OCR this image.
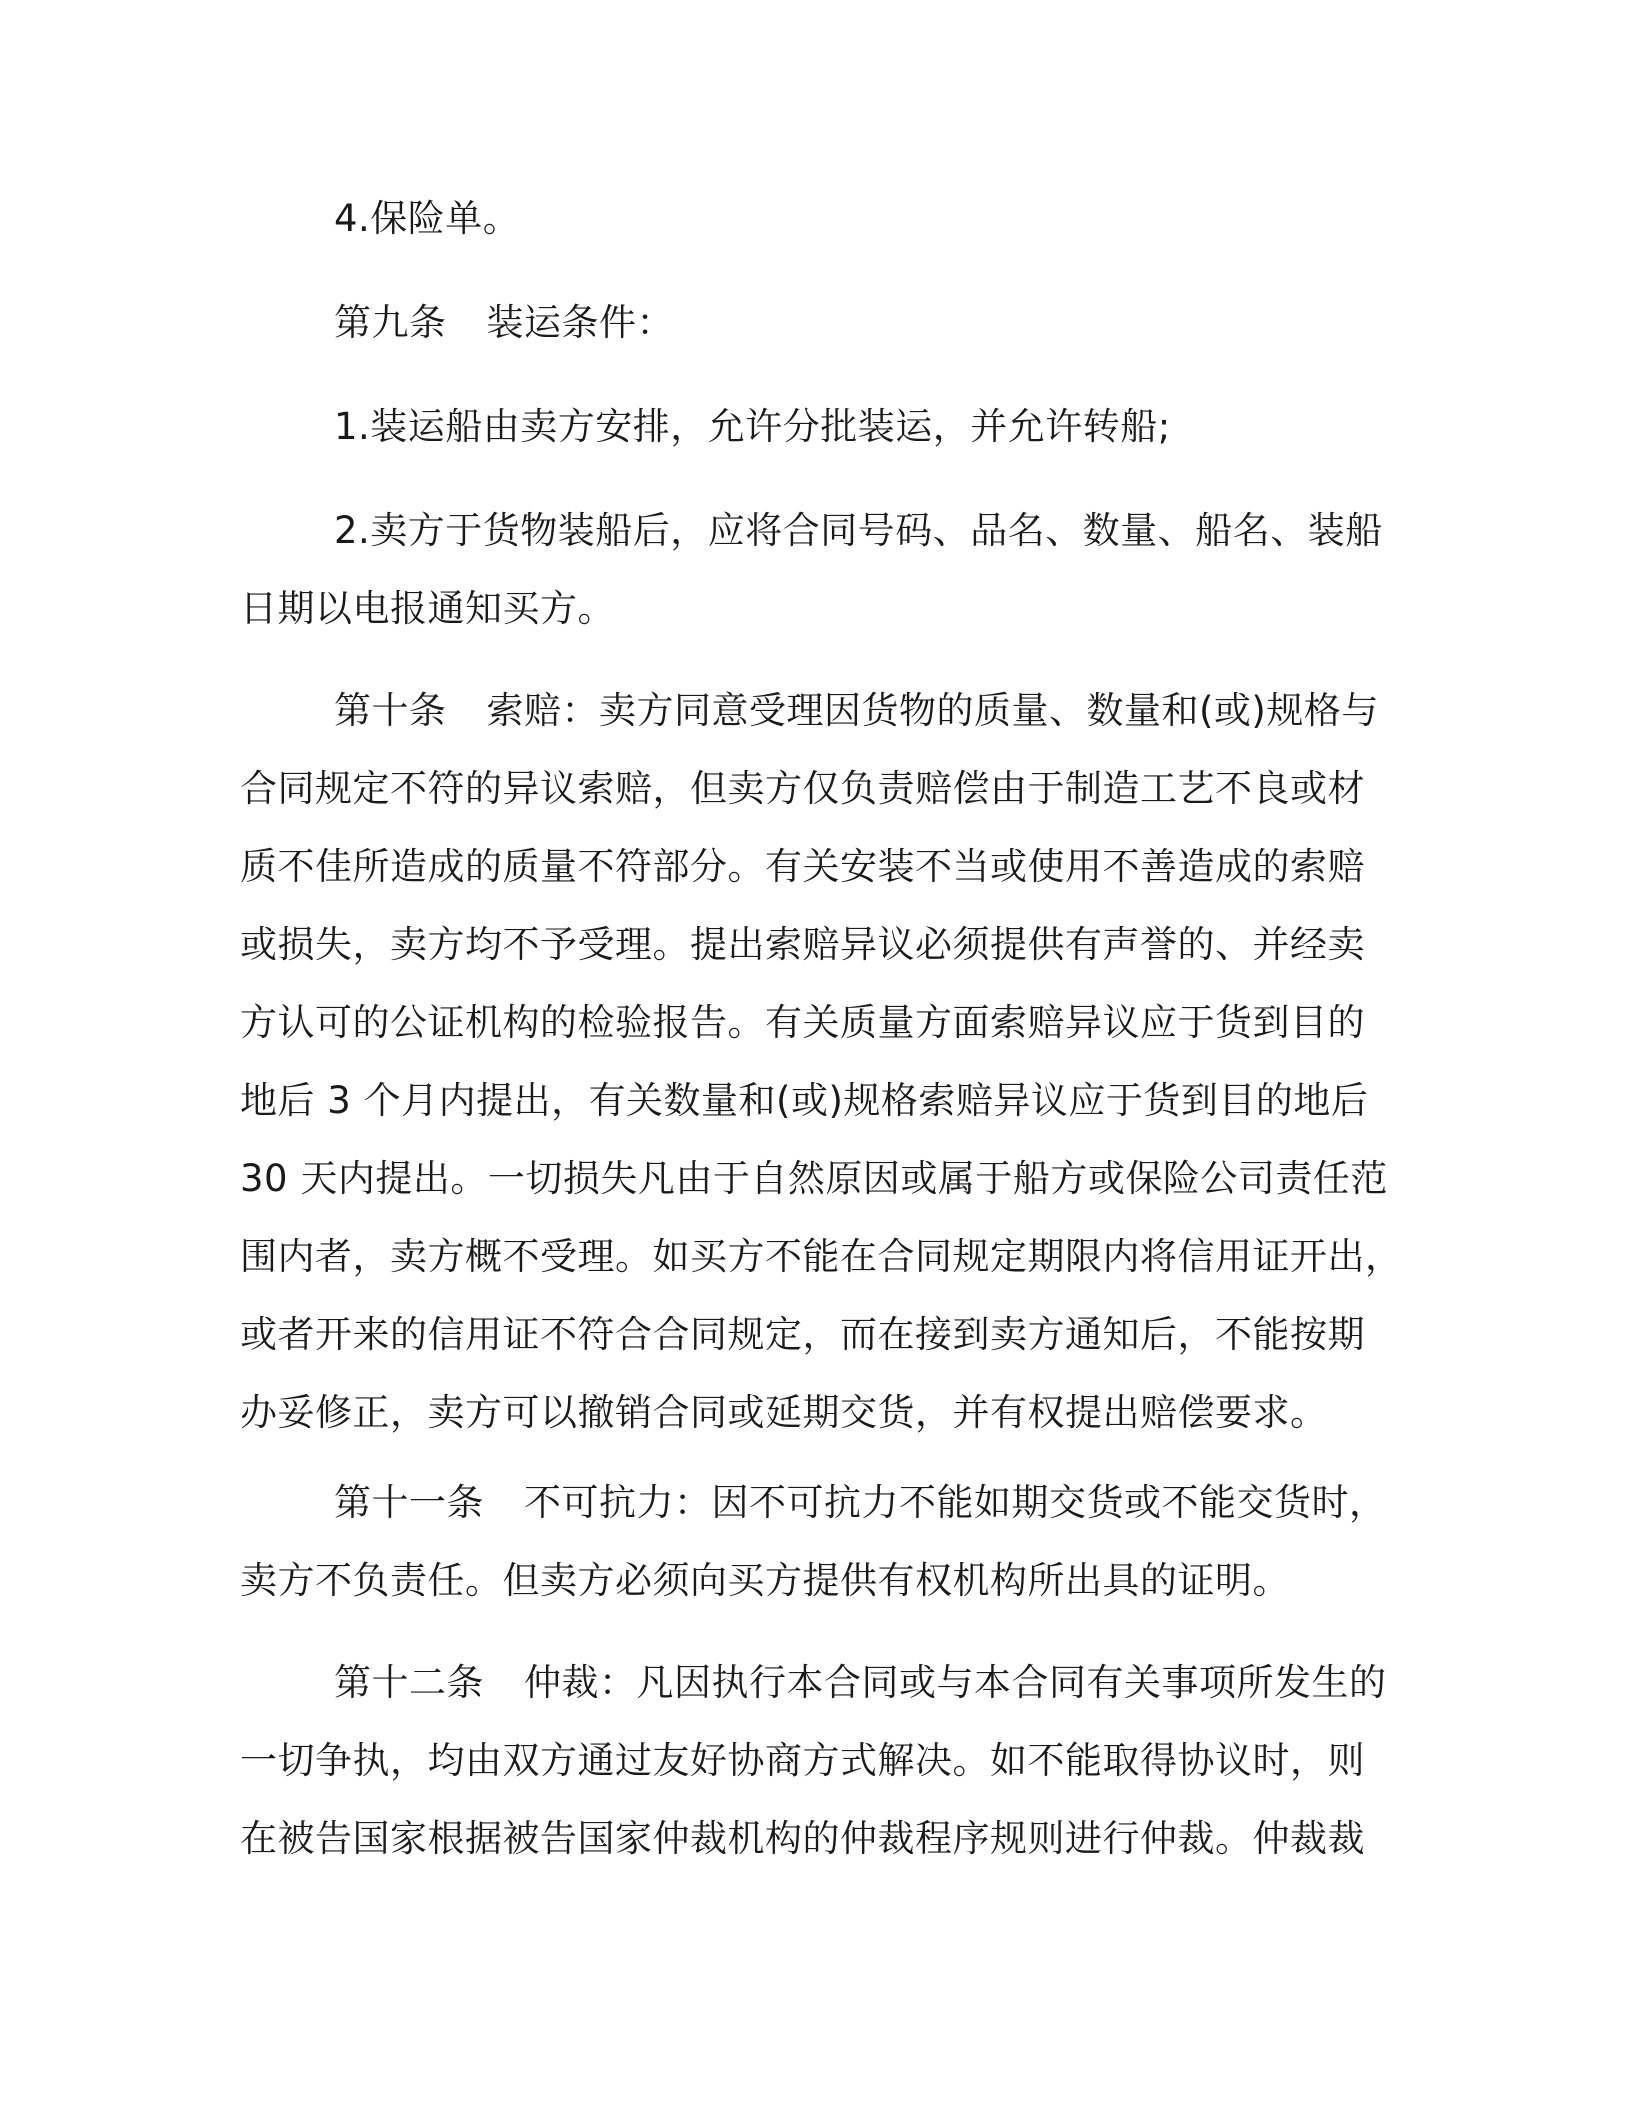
4.保险单。

第九条 装运条件：

1.装运船由卖方安排，允许分批装运，并允许转船;

2.卖方于货物装船后，应将合同号码、品名、数量、船名、装船
日期以电报通知买方。

第十条 索赔：卖方同意受理因货物的质量、数量和(或)规格与
合同规定不符的异议索赔，但卖方仅负责赔偿由于制造工艺不良或材
质不佳所造成的质量不符部分。有关安装不当或使用不善造成的索赔
或损失，卖方均不予受理。提出索赔异议必须提供有声誉的、并经卖
方认可的公证机构的检验报告。有关质量方面索赔异议应于货到目的
地后 3 个月内提出，有关数量和(或)规格索赔异议应于货到目的地后
30 天内提出。一切损失凡由于自然原因或属于船方或保险公司责任范
围内者，卖方概不受理。如买方不能在合同规定期限内将信用证开出，
或者开来的信用证不符合合同规定，而在接到卖方通知后，不能按期
办妥修正，卖方可以撤销合同或延期交货，并有权提出赔偿要求。

第十一条 不可抗力：因不可抗力不能如期交货或不能交货时，
卖方不负责任。但卖方必须向买方提供有权机构所出具的证明。

第十二条 仲裁：凡因执行本合同或与本合同有关事项所发生的
一切争执，均由双方通过友好协商方式解决。如不能取得协议时，则
在被告国家根据被告国家仲裁机构的仲裁程序规则进行仲裁。仲裁裁
